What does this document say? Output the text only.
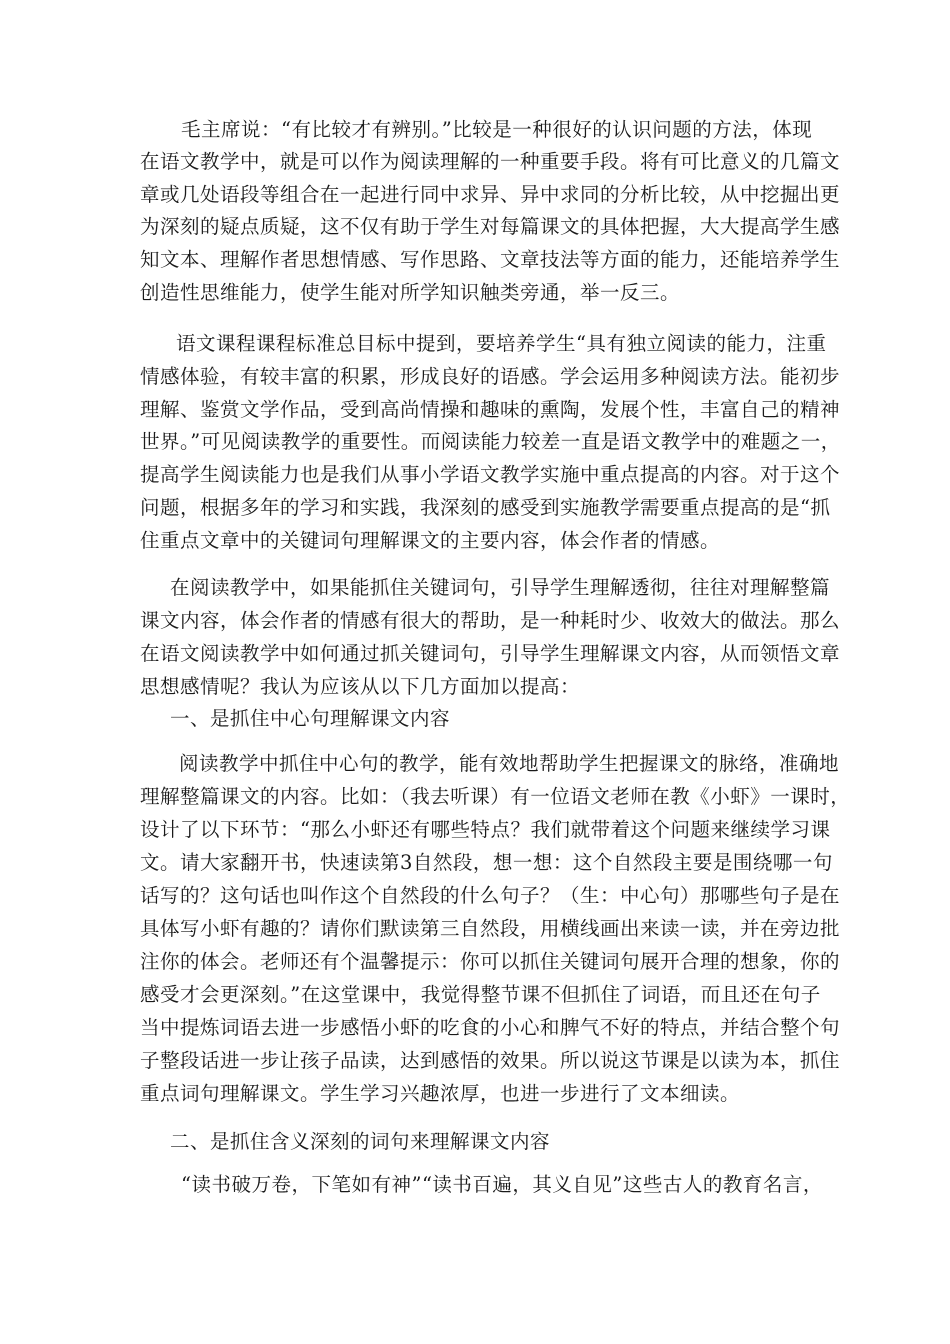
毛主席说：“有比较才有辨别。”比较是一种很好的认识问题的方法，体现
在语文教学中，就是可以作为阅读理解的一种重要手段。将有可比意义的几篇文
章或几处语段等组合在一起进行同中求异、异中求同的分析比较，从中挖掘出更
为深刻的疑点质疑，这不仅有助于学生对每篇课文的具体把握，大大提高学生感
知文本、理解作者思想情感、写作思路、文章技法等方面的能力，还能培养学生
创造性思维能力，使学生能对所学知识触类旁通，举一反三。
语文课程课程标准总目标中提到，要培养学生“具有独立阅读的能力，注重
情感体验，有较丰富的积累，形成良好的语感。学会运用多种阅读方法。能初步
理解、鉴赏文学作品，受到高尚情操和趣味的熏陶，发展个性，丰富自己的精神
世界。”可见阅读教学的重要性。而阅读能力较差一直是语文教学中的难题之一，
提高学生阅读能力也是我们从事小学语文教学实施中重点提高的内容。对于这个
问题，根据多年的学习和实践，我深刻的感受到实施教学需要重点提高的是“抓
住重点文章中的关键词句理解课文的主要内容，体会作者的情感。
在阅读教学中，如果能抓住关键词句，引导学生理解透彻，往往对理解整篇
课文内容，体会作者的情感有很大的帮助，是一种耗时少、收效大的做法。那么
在语文阅读教学中如何通过抓关键词句，引导学生理解课文内容，从而领悟文章
思想感情呢？我认为应该从以下几方面加以提高：
一、是抓住中心句理解课文内容
阅读教学中抓住中心句的教学，能有效地帮助学生把握课文的脉络，准确地
理解整篇课文的内容。比如：（我去听课）有一位语文老师在教《小虾》一课时，
设计了以下环节：“那么小虾还有哪些特点？我们就带着这个问题来继续学习课
文。请大家翻开书，快速读第3自然段，想一想：这个自然段主要是围绕哪一句
话写的？这句话也叫作这个自然段的什么句子？（生：中心句）那哪些句子是在
具体写小虾有趣的？请你们默读第三自然段，用横线画出来读一读，并在旁边批
注你的体会。老师还有个温馨提示：你可以抓住关键词句展开合理的想象，你的
感受才会更深刻。”在这堂课中，我觉得整节课不但抓住了词语，而且还在句子
当中提炼词语去进一步感悟小虾的吃食的小心和脾气不好的特点，并结合整个句
子整段话进一步让孩子品读，达到感悟的效果。所以说这节课是以读为本，抓住
重点词句理解课文。学生学习兴趣浓厚，也进一步进行了文本细读。
二、是抓住含义深刻的词句来理解课文内容
“读书破万卷，下笔如有神”“读书百遍，其义自见”这些古人的教育名言，
